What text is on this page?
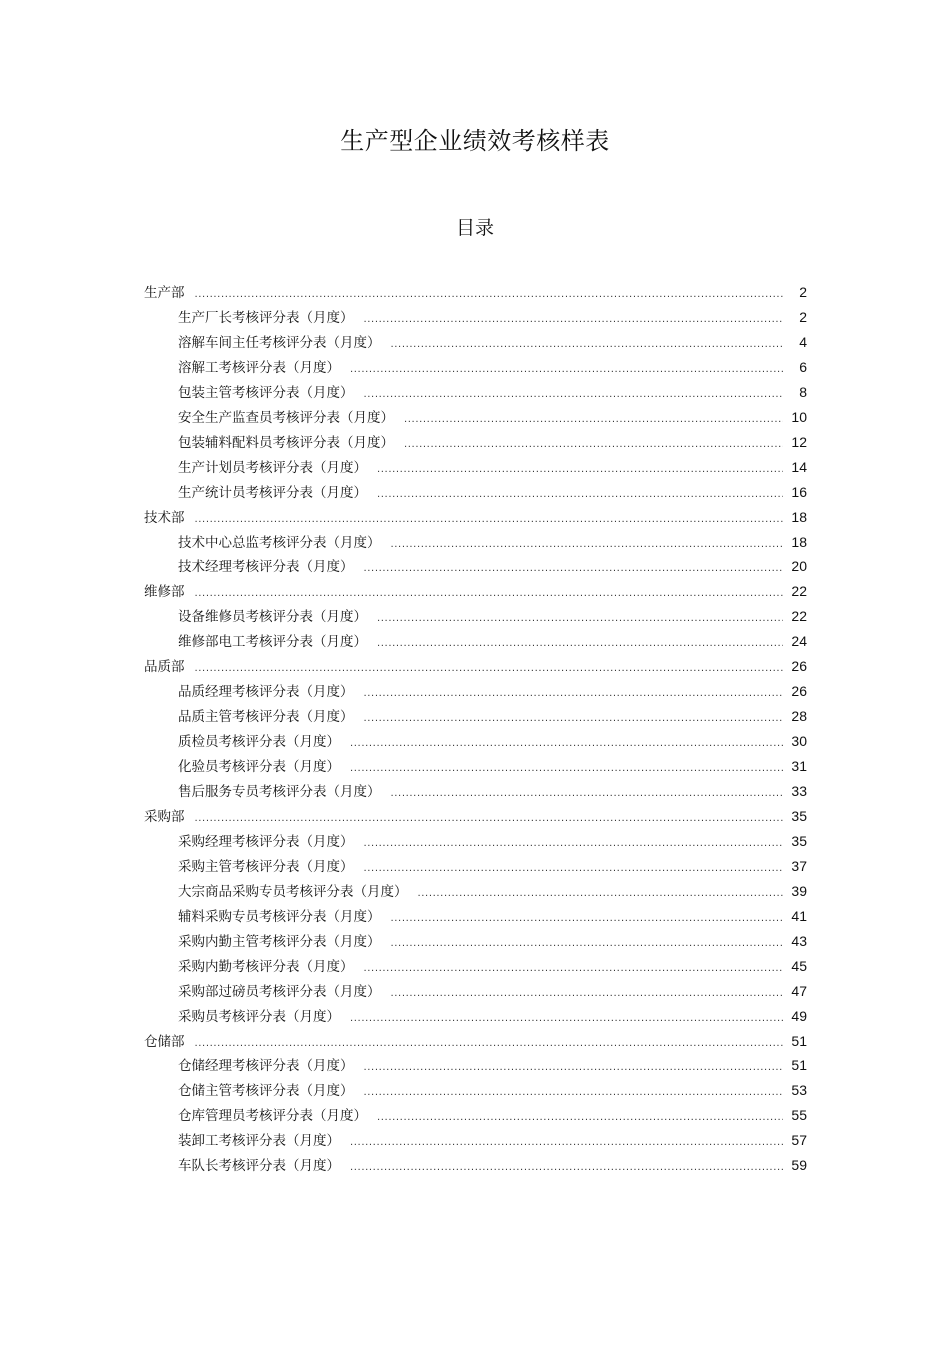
生产型企业绩效考核样表
目录
生产部 .....	2
生产厂长考核评分表（月度） .....	2
溶解车间主任考核评分表（月度） .....	4
溶解工考核评分表（月度） .....	6
包装主管考核评分表（月度） .....	8
安全生产监查员考核评分表（月度） .....	10
包装辅料配料员考核评分表（月度） .....	12
生产计划员考核评分表（月度） .....	14
生产统计员考核评分表（月度） .....	16
技术部 .....	18
技术中心总监考核评分表（月度） .....	18
技术经理考核评分表（月度） .....	20
维修部 .....	22
设备维修员考核评分表（月度） .....	22
维修部电工考核评分表（月度） .....	24
品质部 .....	26
品质经理考核评分表（月度） .....	26
品质主管考核评分表（月度） .....	28
质检员考核评分表（月度） .....	30
化验员考核评分表（月度） .....	31
售后服务专员考核评分表（月度） .....	33
采购部 .....	35
采购经理考核评分表（月度） .....	35
采购主管考核评分表（月度） .....	37
大宗商品采购专员考核评分表（月度） .....	39
辅料采购专员考核评分表（月度） .....	41
采购内勤主管考核评分表（月度） .....	43
采购内勤考核评分表（月度） .....	45
采购部过磅员考核评分表（月度） .....	47
采购员考核评分表（月度） .....	49
仓储部 .....	51
仓储经理考核评分表（月度） .....	51
仓储主管考核评分表（月度） .....	53
仓库管理员考核评分表（月度） .....	55
装卸工考核评分表（月度） .....	57
车队长考核评分表（月度） .....	59
